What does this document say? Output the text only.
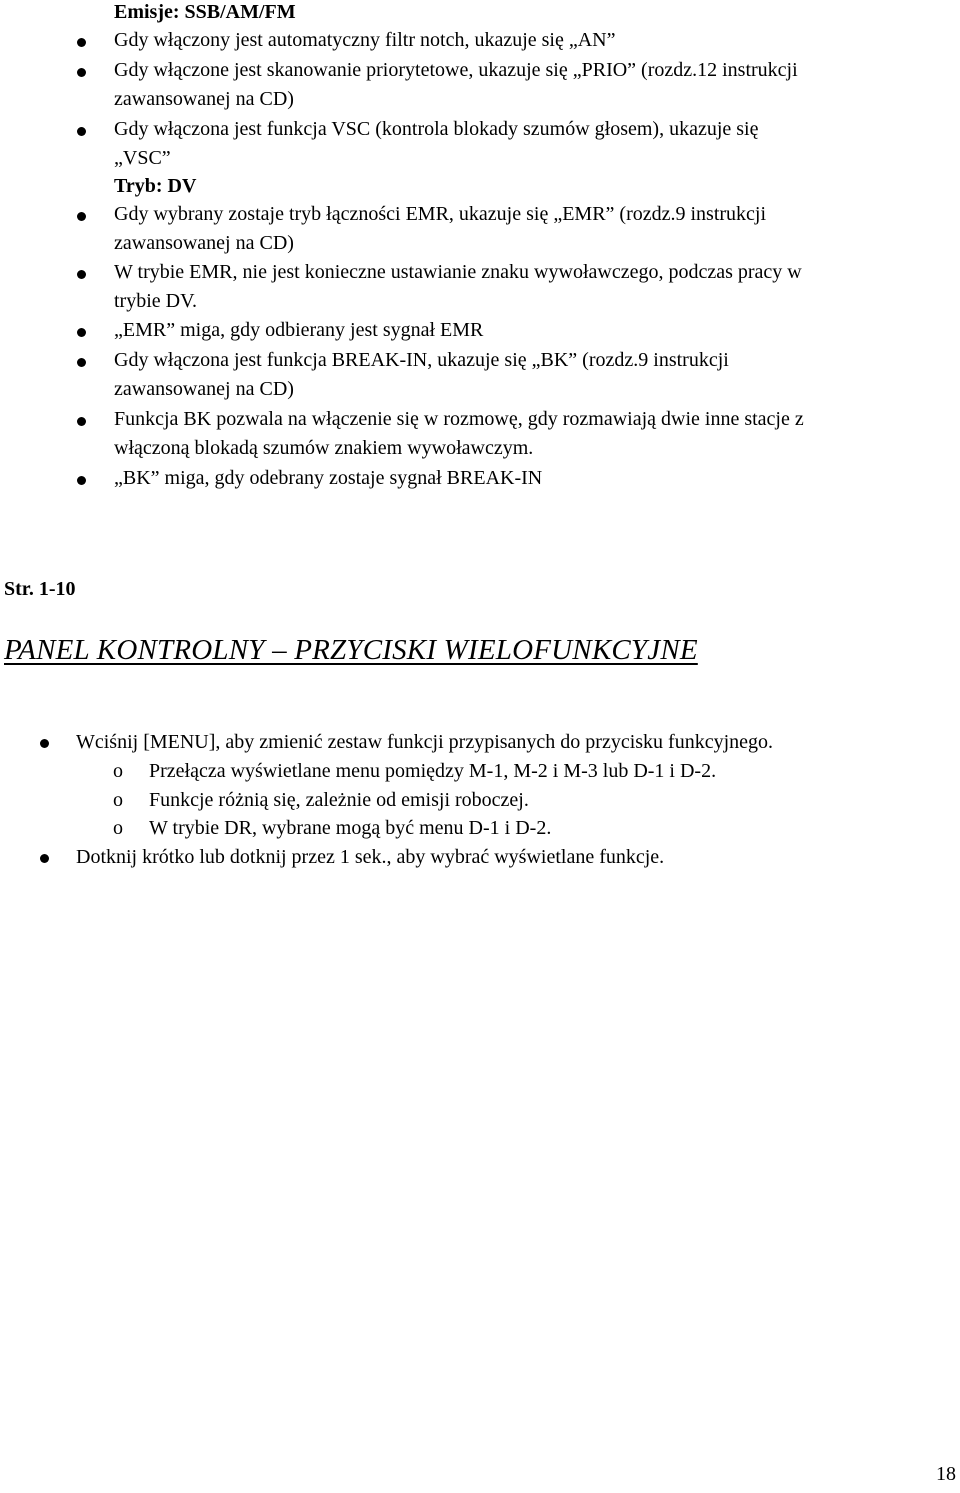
Emisje: SSB/AM/FM
Gdy włączony jest automatyczny filtr notch, ukazuje się „AN”
Gdy włączone jest skanowanie priorytetowe, ukazuje się „PRIO” (rozdz.12 instrukcji
zawansowanej na CD)
Gdy włączona jest funkcja VSC (kontrola blokady szumów głosem), ukazuje się
„VSC”
Tryb: DV
Gdy wybrany zostaje tryb łączności EMR, ukazuje się „EMR” (rozdz.9 instrukcji
zawansowanej na CD)
W trybie EMR, nie jest konieczne ustawianie znaku wywoławczego, podczas pracy w
trybie DV.
„EMR” miga, gdy odbierany jest sygnał EMR
Gdy włączona jest funkcja BREAK-IN, ukazuje się „BK” (rozdz.9 instrukcji
zawansowanej na CD)
Funkcja BK pozwala na włączenie się w rozmowę, gdy rozmawiają dwie inne stacje z
włączoną blokadą szumów znakiem wywoławczym.
„BK” miga, gdy odebrany zostaje sygnał BREAK-IN
Str. 1-10
PANEL KONTROLNY – PRZYCISKI WIELOFUNKCYJNE
Wciśnij [MENU], aby zmienić zestaw funkcji przypisanych do przycisku funkcyjnego.
o Przełącza wyświetlane menu pomiędzy M-1, M-2 i M-3 lub D-1 i D-2.
o Funkcje różnią się, zależnie od emisji roboczej.
o W trybie DR, wybrane mogą być menu D-1 i D-2.
Dotknij krótko lub dotknij przez 1 sek., aby wybrać wyświetlane funkcje.
18
